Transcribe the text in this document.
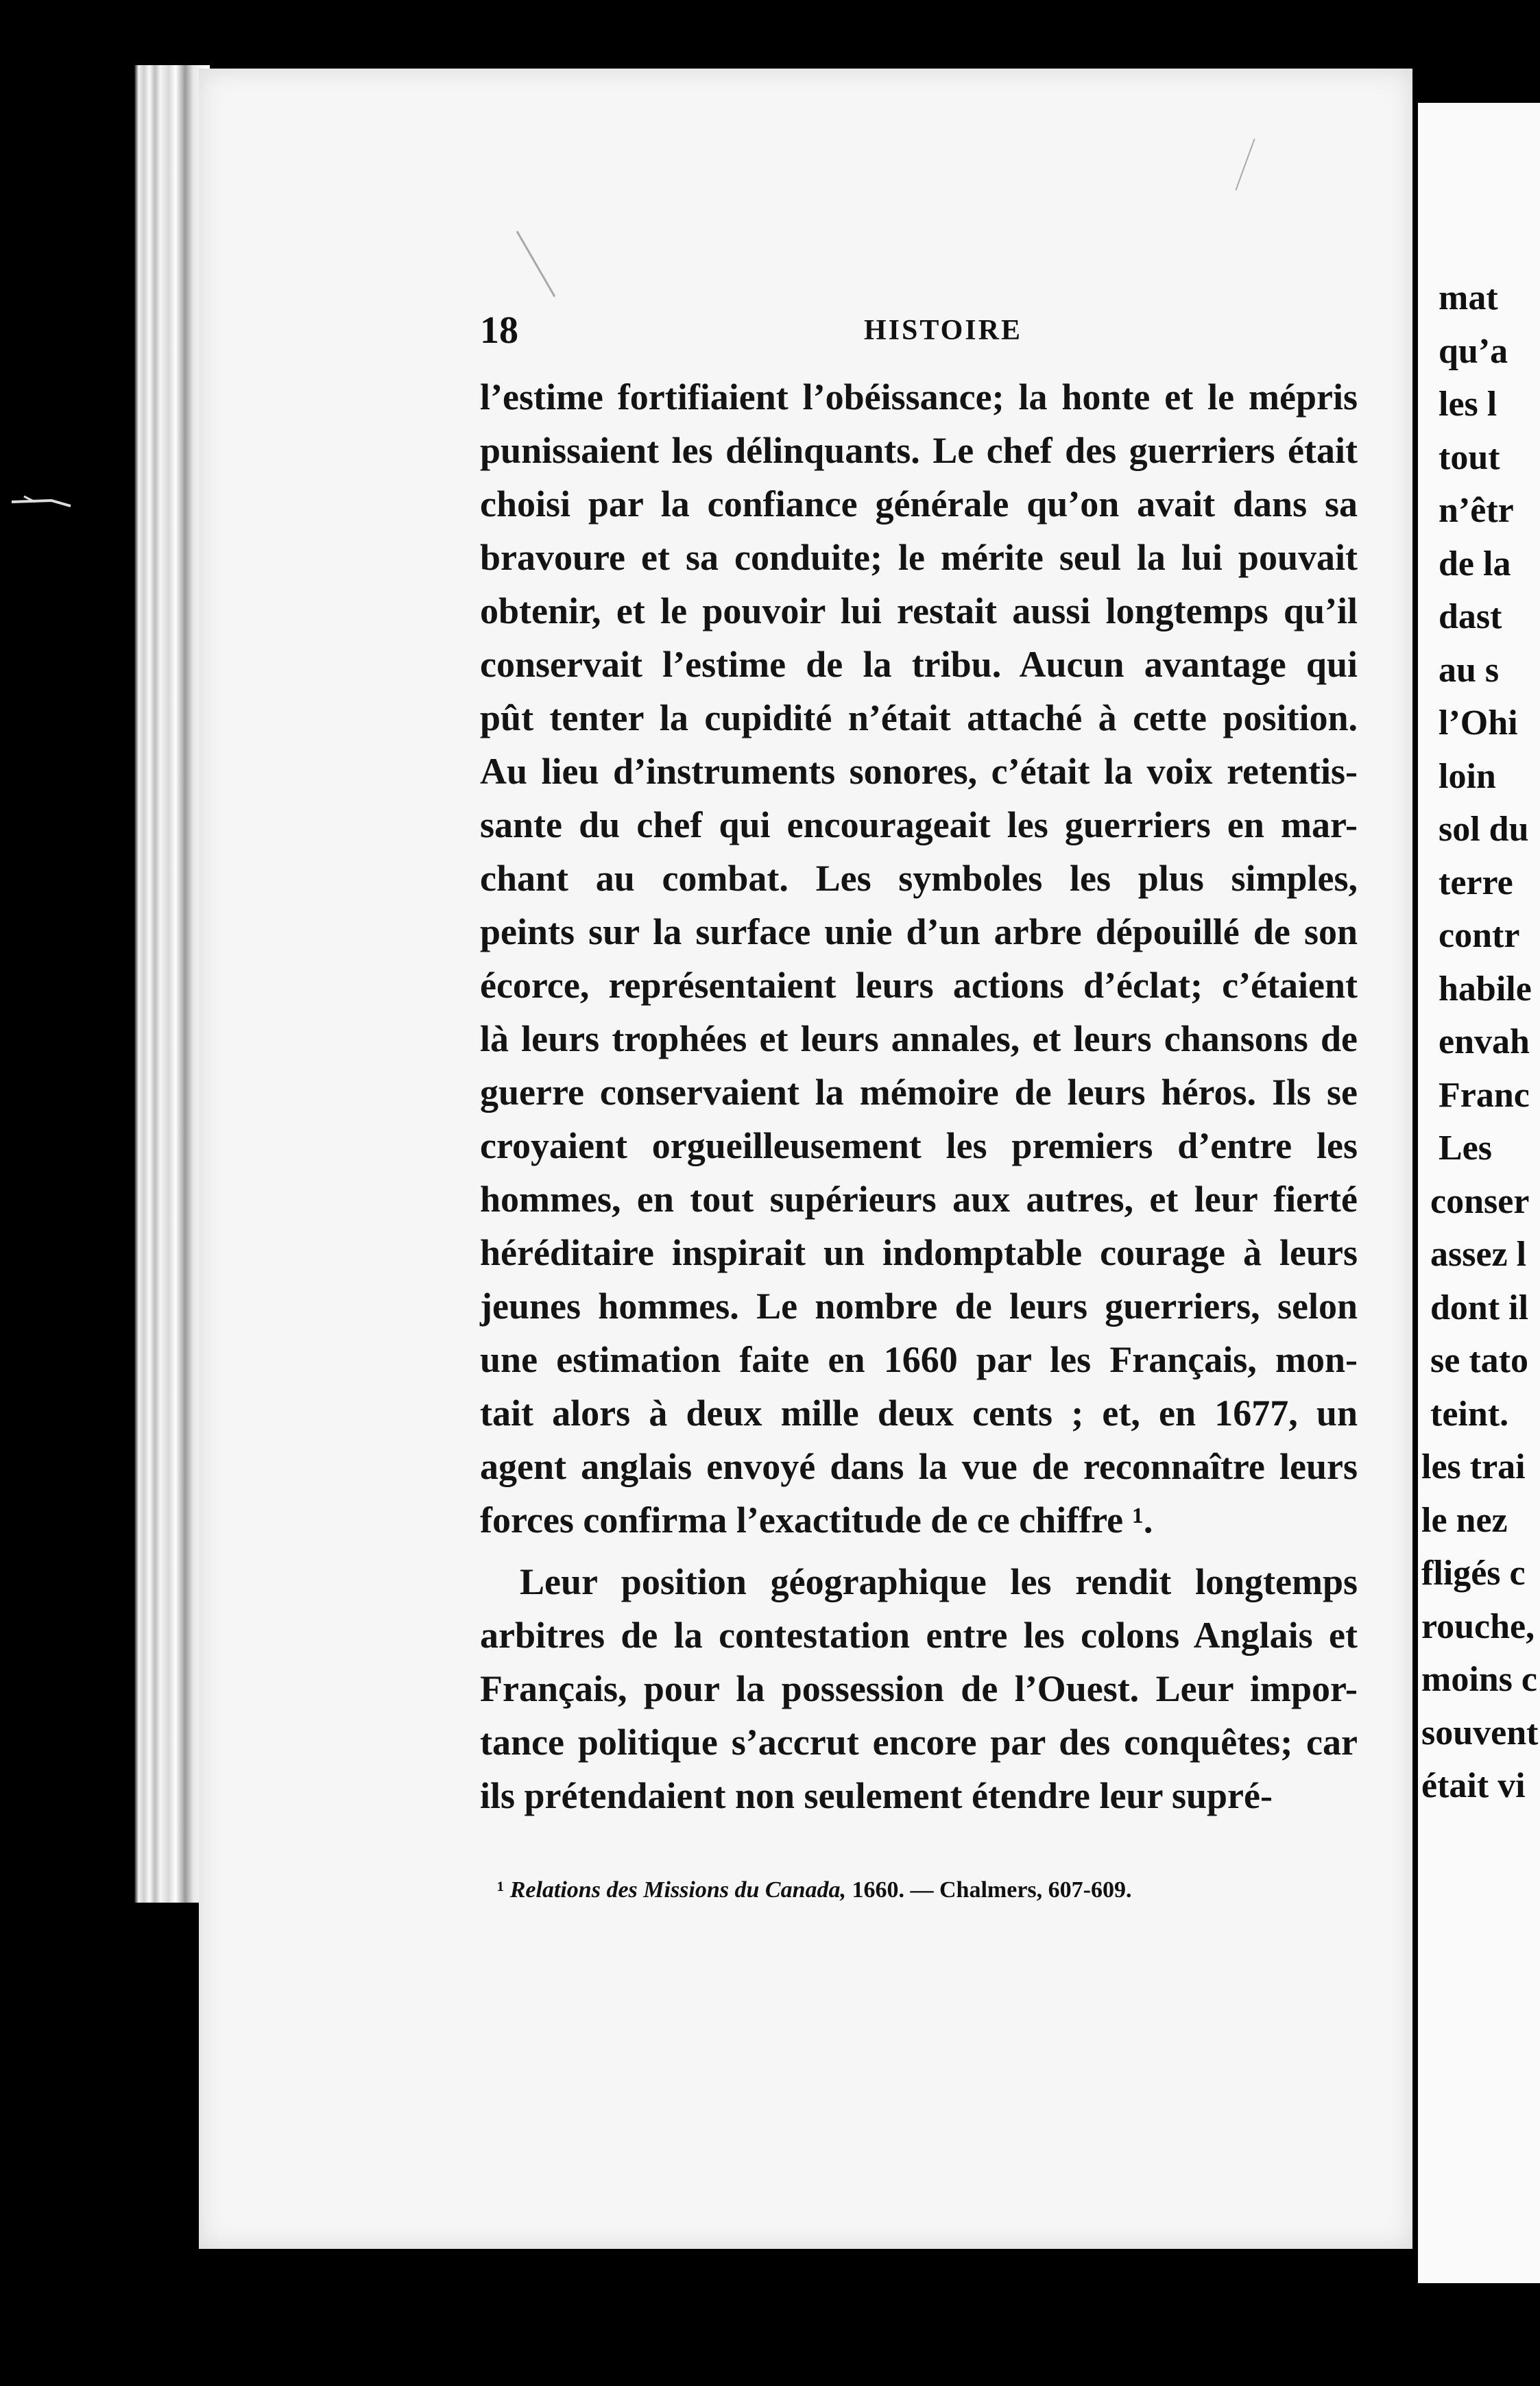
mat
qu’a
les l
tout
n’êtr
de la
dast
au s
l’Ohi
loin
sol du
terre
contr
habile
envah
Franc
Les
conser
assez l
dont il
se tato
teint.
les trai
le nez
fligés c
rouche,
moins c
souvent
était vi
18	HISTOIRE
l’estime fortifiaient l’obéissance; la honte et le mépris
punissaient les délinquants. Le chef des guerriers était
choisi par la confiance générale qu’on avait dans sa
bravoure et sa conduite; le mérite seul la lui pouvait
obtenir, et le pouvoir lui restait aussi longtemps qu’il
conservait l’estime de la tribu. Aucun avantage qui
pût tenter la cupidité n’était attaché à cette position.
Au lieu d’instruments sonores, c’était la voix retentis-
sante du chef qui encourageait les guerriers en mar-
chant au combat. Les symboles les plus simples,
peints sur la surface unie d’un arbre dépouillé de son
écorce, représentaient leurs actions d’éclat; c’étaient
là leurs trophées et leurs annales, et leurs chansons de
guerre conservaient la mémoire de leurs héros. Ils se
croyaient orgueilleusement les premiers d’entre les
hommes, en tout supérieurs aux autres, et leur fierté
héréditaire inspirait un indomptable courage à leurs
jeunes hommes. Le nombre de leurs guerriers, selon
une estimation faite en 1660 par les Français, mon-
tait alors à deux mille deux cents ; et, en 1677, un
agent anglais envoyé dans la vue de reconnaître leurs
forces confirma l’exactitude de ce chiffre ¹.
Leur position géographique les rendit longtemps
arbitres de la contestation entre les colons Anglais et
Français, pour la possession de l’Ouest. Leur impor-
tance politique s’accrut encore par des conquêtes; car
ils prétendaient non seulement étendre leur supré-
¹ Relations des Missions du Canada, 1660. — Chalmers, 607-609.
